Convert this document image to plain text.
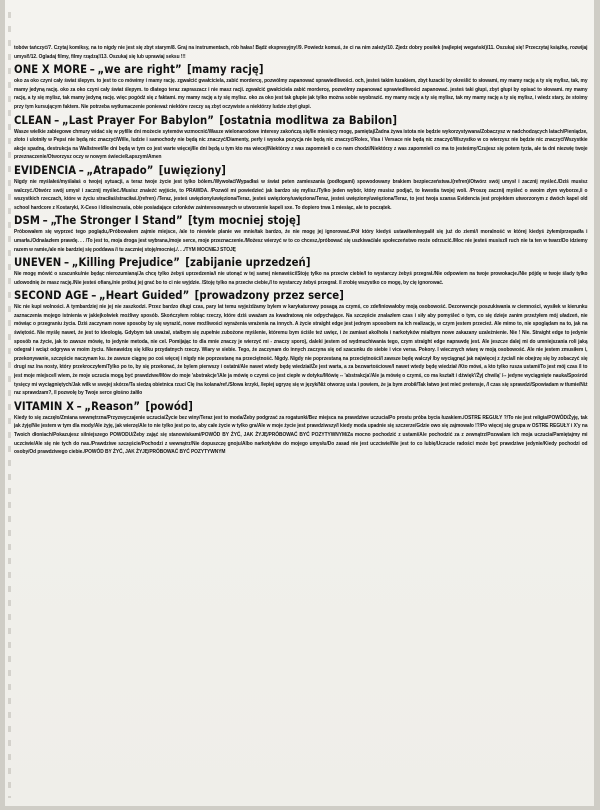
tobów tańczyć/7. Czytaj komiksy, na to nigdy nie jest się zbyt starym/8. Graj na instrumentach, rób hałas! Bądź ekspresyjny!/9. Powiedz komuś, że ci na nim zależy/10. Zjedz dobry posiłek (najlepiej wegański)/11. Oszukaj się! Przeczytaj książkę, rozwijaj umysł!/12. Ogladaj filmy, filmy rządzą!/13. Oszukaj się lub uprawiaj seksu !!!

ONE X MORE – „we are right” [mamy rację]

oko za oko czyni cały świat ślepym. to jest to co mówimy i mamy rację. zgwałcić gwałciciela, zabić mordercę, pozwólmy zapanować sprawiedliwości. och, jesteś takim łuzakiem, zbyt łuzacki by określić to słowami, my mamy rację a ty się mylisz, tak, my mamy jedyną rację. oko za oko czyni cały świat ślepym. to dlatego teraz zapraszacz i nie masz racji. zgwałcić gwałciciela zabić mordercę, pozwólmy zapanować sprawiedliwości zapanować. jesteś taki głupi, zbyt głupi by opisać to słowami. my mamy rację, a ty się mylisz, tak mamy jedyną rację. więc pogódź się z faktami. my mamy rację a ty się mylisz. oko za oko jest tak głupie jak tylko można sobie wyobrazić. my mamy rację a ty się mylisz, tak my mamy rację a ty się mylisz, i wiedz stary, że stoimy przy tym kursującym faktem. Nie potrzeba wytłumaczenie ponieważ niektóre rzeczy są zbyt oczywiste a niektórzy ludzie zbyt głupi.

CLEAN – „Last Prayer For Babylon” [ostatnia modlitwa za Babilon]

Wasze wielkie zabiegowe chmury widać się w pył/Ile dni możecie sytemów wzmocnić/Wasze wielonarodowe interesy zakończą się/Ile miesięcy mogę, pamiętaj/Żadna żywa istota nie będzie wykorzystywana/Zobaczysz w nadchodzących latach/Pieniądze, złoto i ulotniły w Pepsi nie będą nic znaczyć/Wille, ludzie i samochody nie będą nic znaczyć/Diamenty, perły i wysoka pozycja nie będą nic znaczyć/Rolex, Visa i Versace nie będą nic znaczyć/Wszystko w co wierzysz nie będzie nic znaczyć/Wszystkie akcje spadną, destrukcja na Wallstreet/Ile dni będą w tym co jest warte więcej/Ile dni będą u tym kto ma wiecej/Niektórzy z was zapomnieli o co nam chodzi/Niektórzy z was zapomnieli co ma to jesteśmy/Czujesz się potem tyzia, ale ta dni niezwię twoje przeznaczenie/Otworzysz oczy w nowym świecie/Łapszym/Amen

EVIDENCIA – „Atrapado” [uwięziony]

Nigdy nie myślałeś/myślałaś o twojej sytuacji, a teraz twoje życie jest tylko bólem./Wywołać/Wypadłaś w świat peten zamieszania (podłogami) spowodowany brakiem bezpieczeństwa./(refren)/Otwórz swój umysł i zacznij myśleć./Dziś musisz walczyć./Otwórz swój umysł i zacznij myśleć./Musisz znaleźć wyjście, to PRAWDA. /Pozwól mi powiedzieć jak bardzo się mylisz./Tylko jeden wybór, który musisz podjąć, to kwestia twojej woli. /Proszę zacznij myśleć o swoim złym wyborze,/i o wszystkich rzeczach, które w życiu straciłaś/straciłaś./(refren) /Teraz, jesteś uwięziony/uwięziona/Teraz, jesteś uwięziony/uwięziona/Teraz, jesteś uwięziony/uwięziona/Teraz, to jest twoja szansa Evidencia jest projektem utworzonym z dwóch kapel old school hardcore z Kostaryki, X-Ceso i Idiosincrasia, obie posiadające członków zainteresowanych w utworzenie kapeli sxe. To dopiero trwa 1 miesiąc, ale to początek.

DSM – „The Stronger I Stand” [tym mocniej stoję]

Próbowałem się wyprzeć tego poglądu,/Próbowałem zajmie miejsce, /ale to niewiele planie we mnie/tak bardzo, że nie mogę jej ignorować./Pół który kiedyś ustawiłem/wypalił się już do ziemi/i moralność w której kiedyś żyłem/przepadła i umarła./Odnalazłem prawdę. . . /To jest to, moja droga jest wybrana,/moje serce, moje przeznaczenie./Możesz wierzyć w to co chcesz,/próbować się uszkiwać/ale społeczeństwo może odrzucić./Moc nie jesteś musisz/I ruch nie ta ten w twarz/Do idziemy razem w ramie,/ale nie bardziej się poddawa /i tu zaczniej stoję/mocniej./. . ./TYM MOCNIEJ STOJĘ

UNEVEN – „Killing Prejudice” [zabijanie uprzedzeń]

Nie mogę mówić o szacunku/nie będąc nierozumianą/Ja chcę tylko żebyś uprzedzenia/i nie utonąć w tej samej nienawiści/Stoję tylko na przeciw ciebie/I to wystarczy żebyś przegrał./Nie odpowiem na twoje prowokacje./Nie pójdę w twoje ślady tylko udowodnię że masz rację./Nie jesteś ofiarą,/nie próbuj jej grać bo to ci nie wyjdzie. /Stoję tylko na przeciw ciebie,/I to wystarczy żebyś przegrał. /I zrobię wszystko co mogę, by cię ignorować.

SECOND AGE – „Heart Guided” [prowadzony przez serce]

Nic nie kupi wolności. A tymbardziej nie jej nie zaszkodzi. Przez bardzo długi czas, pary lat temu wyjeżdżamy bylem w karykaturowy posagą za czymś, co zdefiniowałoby moją osobowość. Dezorwencje poszukiwania w ciemności, wysiłek w kierunku zaznaczenia mojego istnienia w jakiejkolwiek możliwy sposób. Skończyłem robiąc rzeczy, które dziś uważam za kwadratową nie odpychające. Na szczęście znalazłem czas i siły aby pomyśleć o tym, co się dzieje zanim przeżyłem mój uładzeń, nie mówiąc o przegraniu życia. Dziś zaczynam nowe sposoby by się wyrazić, nowe możliwości wyrażenia wrażenia na innych. A życie straight edge jest jednym sposobem na ich realizację, w czym jestem przecież. Ale mimo to, nie spoglądam na to, jak na świętość. Nie myślę nawet, że jest to ideologią. Gdybym tak uważał, stałbym się zupełnie zubożone myślenie, któremu bym ściśle też uwięz, i że zamiast akolhoła i narkotyków miałbym nowe zakazany uzależnienie. Nie ! Nie. Straight edge to jedynie sposób na życie, jak to zawsze mówię, to jedynie metoda, nie cel. Pomijając to dla mnie znaczy je wierzyć mi - znaczy sporo), daleki jestem od wydmuchiwania tego, czym straight edge naprawdę jest. Ale jeszcze dalej mi do umniejszania roli jaką odegrał i wciąż odgrywa w moim życiu. Nienawidzę się kilku przydatnych rzeczy. Wiary w siebie. Tego, że zaczynam do innych zaczyna się od szacunku do siebie i vice versa. Pokory. I wiecznych wiarę w moją osobowość. Ale nie jestem zmusiłem i, przekonywanie, szczęście naczynam ku. że zawsze ciągnę po coś więcej i nigdy nie poprzestanę na przeciętność. Nigdy. Nigdy nie poprzestaną na przeciętności/I zawsze będę walczył /by wyciągnąć jak najwięcej z życia/I nie obejrzę się by zobaczyć się drugi raz /na nosty, który przekroczyłem/Tylko po to, by się przekonać, że bylem pierwszy i ostatni/Ale nawet wtedy będę wiedział/Że jest warta, a za bezwartościowe/I nawet wtedy będę wiedział /Kto mówi, a kto tylko rusza ustami/To jest mój czas /I to jest moje miejsce/I wiem, że moje uczucia mogą być prawdziwe/Mów do moje 'abstrakcje'/Ale ja mówię o czymś co jest ciepłe w dotyku/Mówię -- 'abstrakcja'/Ale ja mówię o czymś, co ma kształt i dźwięk'/Żyj chwilą' /-- jedyne wyciągnięte nauka/Spośród tysięcy mi wyciągniętych/Jak wilk w swojej skórze/Ta siedzą obietnica rzuci Cię /na kolana/ref./Słowa krzyki, /lepiej ugryzę się w język/Niż otworzę usta i powiem, że ja bym zrobił/Tak łatwo jest mieć pretensje, /I czas się sprawdzi/Spowiadam w tłumie/Niż raz sprawdzam?, /I pozwolę by Twoje serce głośno żałilo

VITAMIN X – „Reason” [powód]

Kiedy to się zaczęło/Zmiana wewnętrzna/Przyzwyczajenie uczucia/Życie bez winy/Teraz jest to moda/Żeby podgrzać za rogatunki/Bez miejsca na prawdziwe uczucia/Po prostu próba bycia łuzakiem./OSTRE REGUŁY ?/To nie jest religia/POWÓD/Żyję, tak jak żyję/Nie jestem w tym dla mody/Ale żyję, jak wierzę/Ale to nie tylko jest po to, aby całe życie w tylko gra/Ale w moje życie jest prawdziwszy/I kiedy moda upadnie się szczerze/Gdzie owo się zajmowało !?/Po więcej się grupa w OSTRE REGUŁY i X'y na Twoich dłoniach/Pokazujesz silniejszego POWODU/Żeby zająć się stanowiskami/POWÓD BY ŻYĆ, JAK ŻYJĘ/PRÓBOWAĆ BYĆ POZYTYWNYM/Za mocno pochodzić z ustami/Ale pochodzić za z zewnątrz/Pozwalam ich moja uczucia/Pamiętajmy mi uczciwie/Ale się nie tych do nas./Prawdziwe szczęście/Pochodzi z wewnątrz/Nie dopuszczę gnoju/Albo narkotyków do mojego umysłu/Do zasad nie jest uczciwie/Nie jest to co lubię/Uczucie radości może być prawdziwe jedynie/Kiedy pochodzi od osoby/Od prawdziwego ciebie./POWÓD BY ŻYĆ, JAK ŻYJĘ/PRÓBOWAĆ BYĆ POZYTYWNYM
